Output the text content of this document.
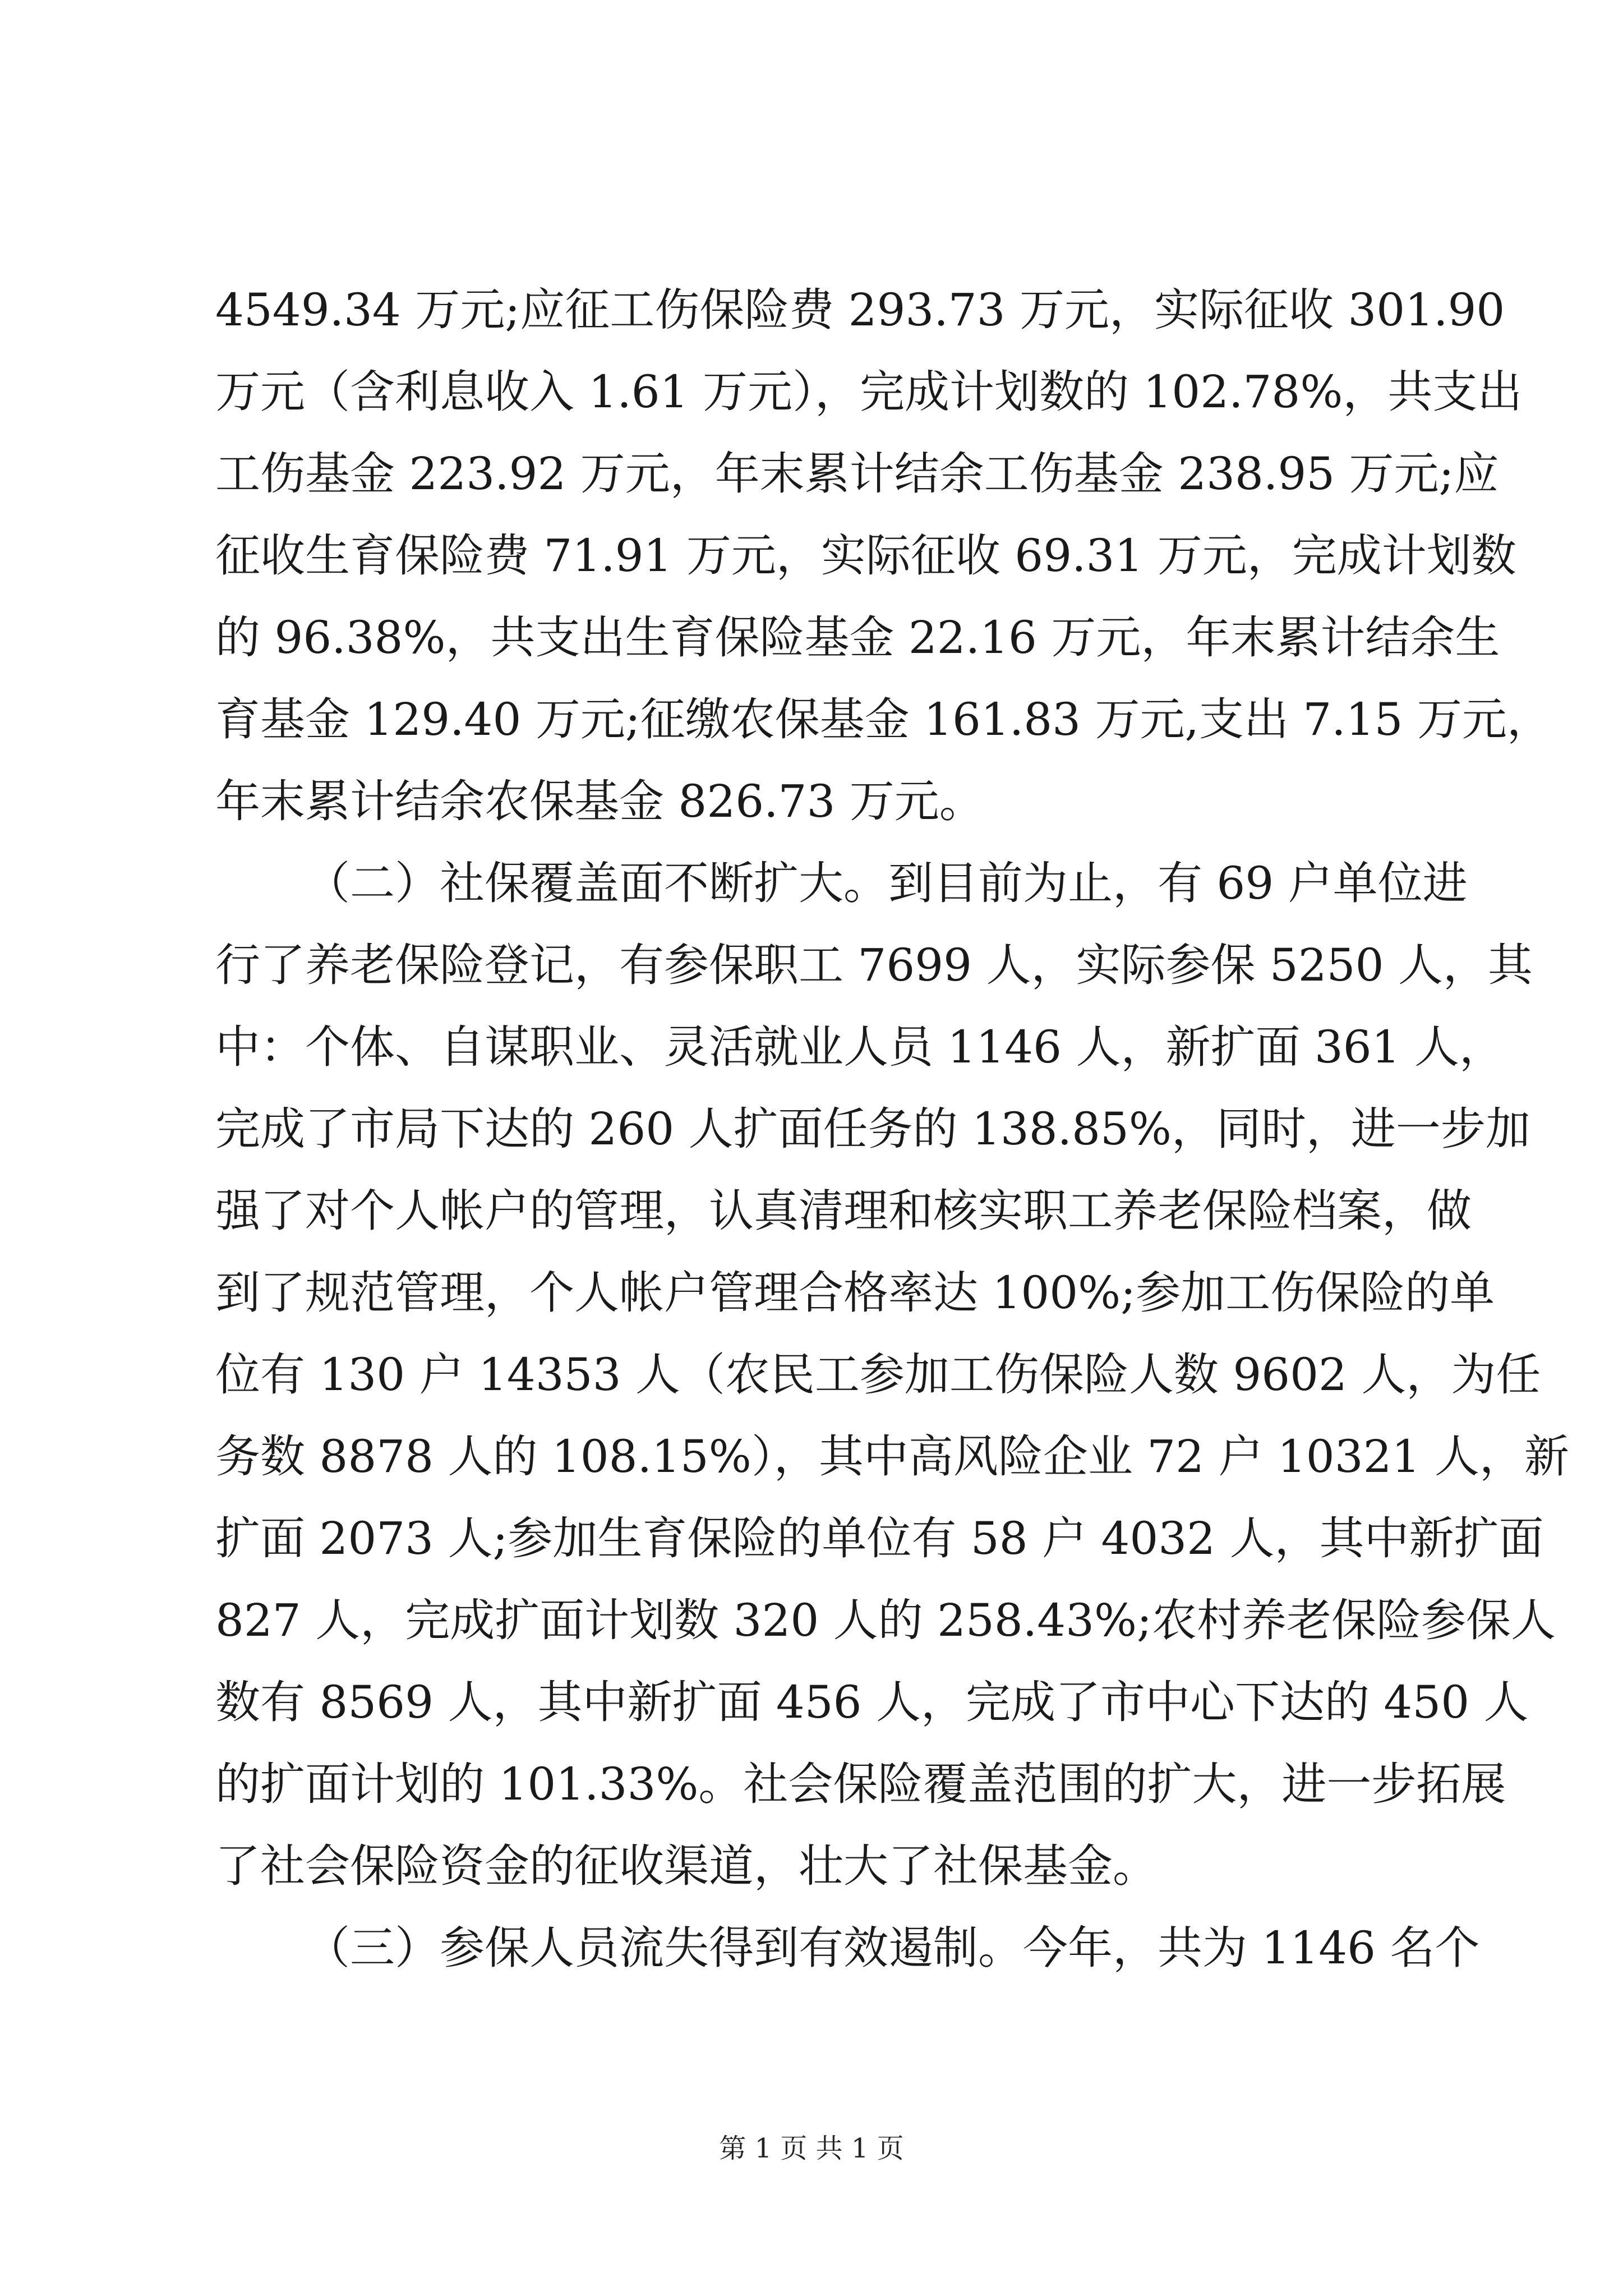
4549.34 万元;应征工伤保险费 293.73 万元，实际征收 301.90
万元（含利息收入 1.61 万元），完成计划数的 102.78%，共支出
工伤基金 223.92 万元，年末累计结余工伤基金 238.95 万元;应
征收生育保险费 71.91 万元，实际征收 69.31 万元，完成计划数
的 96.38%，共支出生育保险基金 22.16 万元，年末累计结余生
育基金 129.40 万元;征缴农保基金 161.83 万元,支出 7.15 万元，
年末累计结余农保基金 826.73 万元。
（二）社保覆盖面不断扩大。到目前为止，有 69 户单位进
行了养老保险登记，有参保职工 7699 人，实际参保 5250 人，其
中：个体、自谋职业、灵活就业人员 1146 人，新扩面 361 人，
完成了市局下达的 260 人扩面任务的 138.85%，同时，进一步加
强了对个人帐户的管理，认真清理和核实职工养老保险档案，做
到了规范管理，个人帐户管理合格率达 100%;参加工伤保险的单
位有 130 户 14353 人（农民工参加工伤保险人数 9602 人，为任
务数 8878 人的 108.15%），其中高风险企业 72 户 10321 人，新
扩面 2073 人;参加生育保险的单位有 58 户 4032 人，其中新扩面
827 人，完成扩面计划数 320 人的 258.43%;农村养老保险参保人
数有 8569 人，其中新扩面 456 人，完成了市中心下达的 450 人
的扩面计划的 101.33%。社会保险覆盖范围的扩大，进一步拓展
了社会保险资金的征收渠道，壮大了社保基金。
（三）参保人员流失得到有效遏制。今年，共为 1146 名个
第 1 页 共 1 页
